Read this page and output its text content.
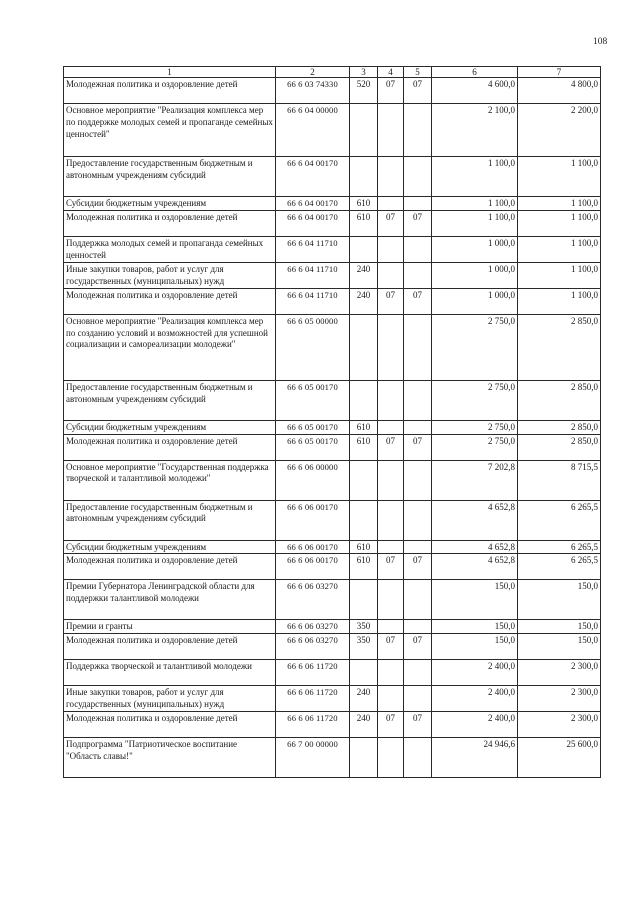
108
1	2	3	4	5	6	7
Молодежная политика и оздоровление детей	66 6 03 74330	520	07	07	4 600,0	4 800,0
Основное мероприятие "Реализация комплекса мер по поддержке молодых семей и пропаганде семейных ценностей"	66 6 04 00000				2 100,0	2 200,0
Предоставление государственным бюджетным и автономным учреждениям субсидий	66 6 04 00170				1 100,0	1 100,0
Субсидии бюджетным учреждениям	66 6 04 00170	610			1 100,0	1 100,0
Молодежная политика и оздоровление детей	66 6 04 00170	610	07	07	1 100,0	1 100,0
Поддержка молодых семей и пропаганда семейных ценностей	66 6 04 11710				1 000,0	1 100,0
Иные закупки товаров, работ и услуг для государственных (муниципальных) нужд	66 6 04 11710	240			1 000,0	1 100,0
Молодежная политика и оздоровление детей	66 6 04 11710	240	07	07	1 000,0	1 100,0
Основное мероприятие "Реализация комплекса мер по созданию условий и возможностей для успешной социализации и самореализации молодежи"	66 6 05 00000				2 750,0	2 850,0
Предоставление государственным бюджетным и автономным учреждениям субсидий	66 6 05 00170				2 750,0	2 850,0
Субсидии бюджетным учреждениям	66 6 05 00170	610			2 750,0	2 850,0
Молодежная политика и оздоровление детей	66 6 05 00170	610	07	07	2 750,0	2 850,0
Основное мероприятие "Государственная поддержка творческой и талантливой молодежи"	66 6 06 00000				7 202,8	8 715,5
Предоставление государственным бюджетным и автономным учреждениям субсидий	66 6 06 00170				4 652,8	6 265,5
Субсидии бюджетным учреждениям	66 6 06 00170	610			4 652,8	6 265,5
Молодежная политика и оздоровление детей	66 6 06 00170	610	07	07	4 652,8	6 265,5
Премии Губернатора Ленинградской области для поддержки талантливой молодежи	66 6 06 03270				150,0	150,0
Премии и гранты	66 6 06 03270	350			150,0	150,0
Молодежная политика и оздоровление детей	66 6 06 03270	350	07	07	150,0	150,0
Поддержка творческой и талантливой молодежи	66 6 06 11720				2 400,0	2 300,0
Иные закупки товаров, работ и услуг для государственных (муниципальных) нужд	66 6 06 11720	240			2 400,0	2 300,0
Молодежная политика и оздоровление детей	66 6 06 11720	240	07	07	2 400,0	2 300,0
Подпрограмма "Патриотическое воспитание "Область славы!"	66 7 00 00000				24 946,6	25 600,0
